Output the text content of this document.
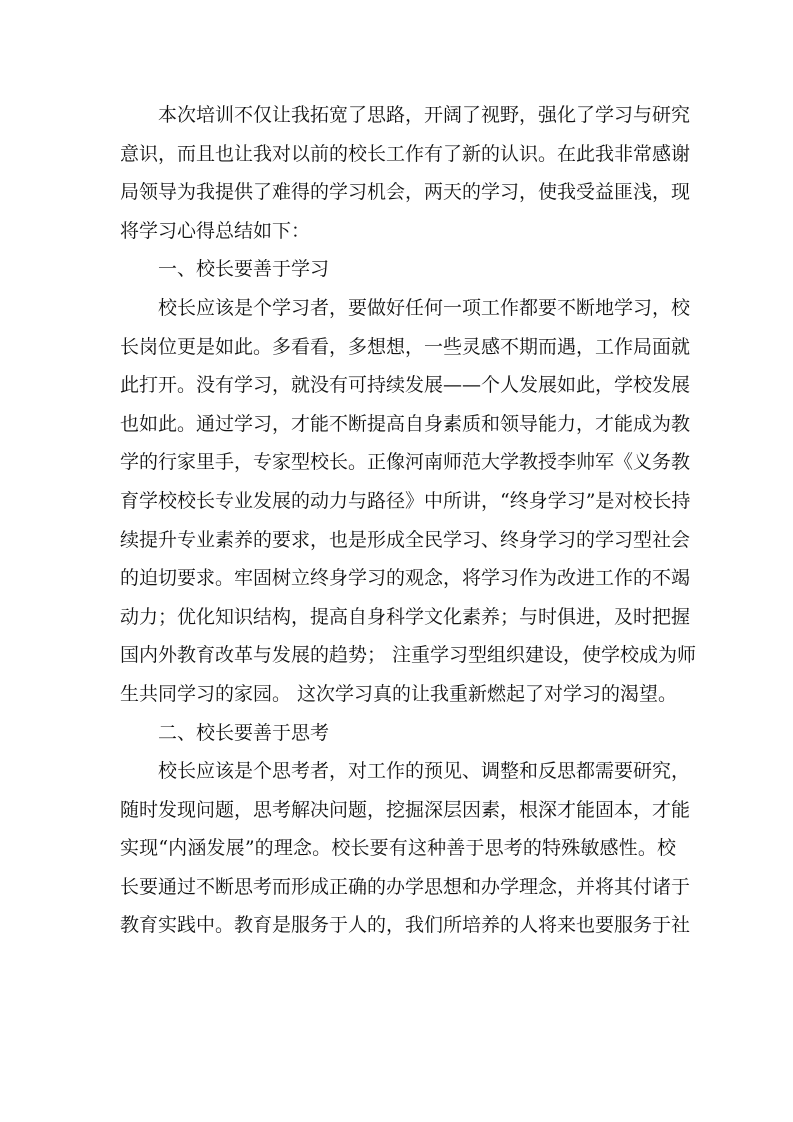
本次培训不仅让我拓宽了思路，开阔了视野，强化了学习与研究
意识，而且也让我对以前的校长工作有了新的认识。在此我非常感谢
局领导为我提供了难得的学习机会，两天的学习，使我受益匪浅，现
将学习心得总结如下：
一、校长要善于学习
校长应该是个学习者，要做好任何一项工作都要不断地学习，校
长岗位更是如此。多看看，多想想，一些灵感不期而遇，工作局面就
此打开。没有学习，就没有可持续发展——个人发展如此，学校发展
也如此。通过学习，才能不断提高自身素质和领导能力，才能成为教
学的行家里手，专家型校长。正像河南师范大学教授李帅军《义务教
育学校校长专业发展的动力与路径》中所讲，“终身学习”是对校长持
续提升专业素养的要求，也是形成全民学习、终身学习的学习型社会
的迫切要求。牢固树立终身学习的观念，将学习作为改进工作的不竭
动力；优化知识结构，提高自身科学文化素养；与时俱进，及时把握
国内外教育改革与发展的趋势； 注重学习型组织建设，使学校成为师
生共同学习的家园。 这次学习真的让我重新燃起了对学习的渴望。
二、校长要善于思考
校长应该是个思考者，对工作的预见、调整和反思都需要研究，
随时发现问题，思考解决问题，挖掘深层因素，根深才能固本，才能
实现“内涵发展”的理念。校长要有这种善于思考的特殊敏感性。校
长要通过不断思考而形成正确的办学思想和办学理念，并将其付诸于
教育实践中。教育是服务于人的，我们所培养的人将来也要服务于社
